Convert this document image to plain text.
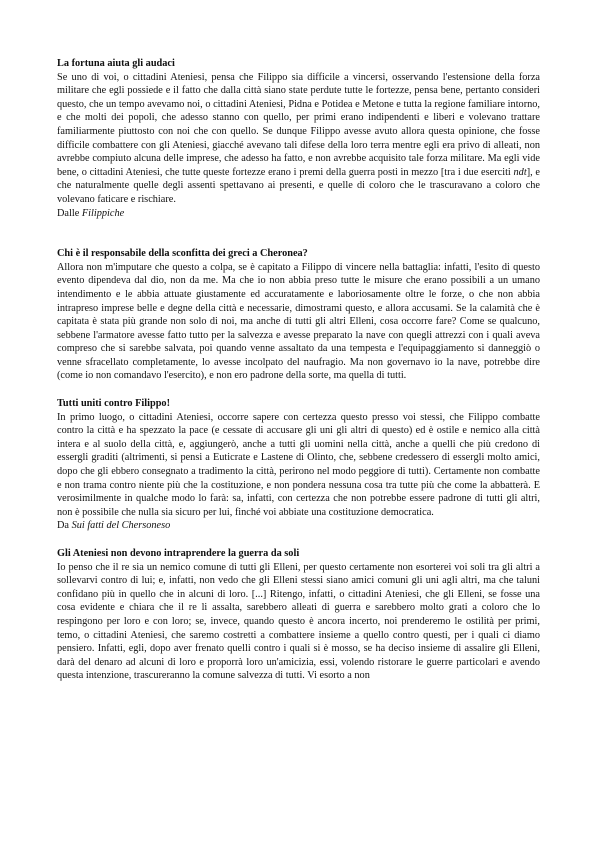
La fortuna aiuta gli audaci

Se uno di voi, o cittadini Ateniesi, pensa che Filippo sia difficile a vincersi, osservando l'estensione della forza militare che egli possiede e il fatto che dalla città siano state perdute tutte le fortezze, pensa bene, pertanto consideri questo, che un tempo avevamo noi, o cittadini Ateniesi, Pidna e Potidea e Metone e tutta la regione familiare intorno, e che molti dei popoli, che adesso stanno con quello, per primi erano indipendenti e liberi e volevano trattare familiarmente piuttosto con noi che con quello. Se dunque Filippo avesse avuto allora questa opinione, che fosse difficile combattere con gli Ateniesi, giacché avevano tali difese della loro terra mentre egli era privo di alleati, non avrebbe compiuto alcuna delle imprese, che adesso ha fatto, e non avrebbe acquisito tale forza militare. Ma egli vide bene, o cittadini Ateniesi, che tutte queste fortezze erano i premi della guerra posti in mezzo [tra i due eserciti ndt], e che naturalmente quelle degli assenti spettavano ai presenti, e quelle di coloro che le trascuravano a coloro che volevano faticare e rischiare.

Dalle Filippiche
Chi è il responsabile della sconfitta dei greci a Cheronea?

Allora non m'imputare che questo a colpa, se è capitato a Filippo di vincere nella battaglia: infatti, l'esito di questo evento dipendeva dal dio, non da me. Ma che io non abbia preso tutte le misure che erano possibili a un umano intendimento e le abbia attuate giustamente ed accuratamente e laboriosamente oltre le forze, o che non abbia intrapreso imprese belle e degne della città e necessarie, dimostrami questo, e allora accusami. Se la calamità che è capitata è stata più grande non solo di noi, ma anche di tutti gli altri Elleni, cosa occorre fare? Come se qualcuno, sebbene l'armatore avesse fatto tutto per la salvezza e avesse preparato la nave con quegli attrezzi con i quali aveva compreso che si sarebbe salvata, poi quando venne assaltato da una tempesta e l'equipaggiamento si danneggiò o venne sfracellato completamente, lo avesse incolpato del naufragio. Ma non governavo io la nave, potrebbe dire (come io non comandavo l'esercito), e non ero padrone della sorte, ma quella di tutti.

Tutti uniti contro Filippo!

In primo luogo, o cittadini Ateniesi, occorre sapere con certezza questo presso voi stessi, che Filippo combatte contro la città e ha spezzato la pace (e cessate di accusare gli uni gli altri di questo) ed è ostile e nemico alla città intera e al suolo della città, e, aggiungerò, anche a tutti gli uomini nella città, anche a quelli che più credono di essergli graditi (altrimenti, si pensi a Euticrate e Lastene di Olinto, che, sebbene credessero di essergli molto amici, dopo che gli ebbero consegnato a tradimento la città, perirono nel modo peggiore di tutti). Certamente non combatte e non trama contro niente più che la costituzione, e non pondera nessuna cosa tra tutte più che come la abbatterà. E verosimilmente in qualche modo lo farà: sa, infatti, con certezza che non potrebbe essere padrone di tutti gli altri, non è possibile che nulla sia sicuro per lui, finché voi abbiate una costituzione democratica.

Da Sui fatti del Chersoneso
Gli Ateniesi non devono intraprendere la guerra da soli

Io penso che il re sia un nemico comune di tutti gli Elleni, per questo certamente non esorterei voi soli tra gli altri a sollevarvi contro di lui; e, infatti, non vedo che gli Elleni stessi siano amici comuni gli uni agli altri, ma che taluni confidano più in quello che in alcuni di loro. [...] Ritengo, infatti, o cittadini Ateniesi, che gli Elleni, se fosse una cosa evidente e chiara che il re li assalta, sarebbero alleati di guerra e sarebbero molto grati a coloro che lo respingono per loro e con loro; se, invece, quando questo è ancora incerto, noi prenderemo le ostilità per primi, temo, o cittadini Ateniesi, che saremo costretti a combattere insieme a quello contro questi, per i quali ci diamo pensiero. Infatti, egli, dopo aver frenato quelli contro i quali si è mosso, se ha deciso insieme di assalire gli Elleni, darà del denaro ad alcuni di loro e proporrà loro un'amicizia, essi, volendo ristorare le guerre particolari e avendo questa intenzione, trascureranno la comune salvezza di tutti. Vi esorto a non
